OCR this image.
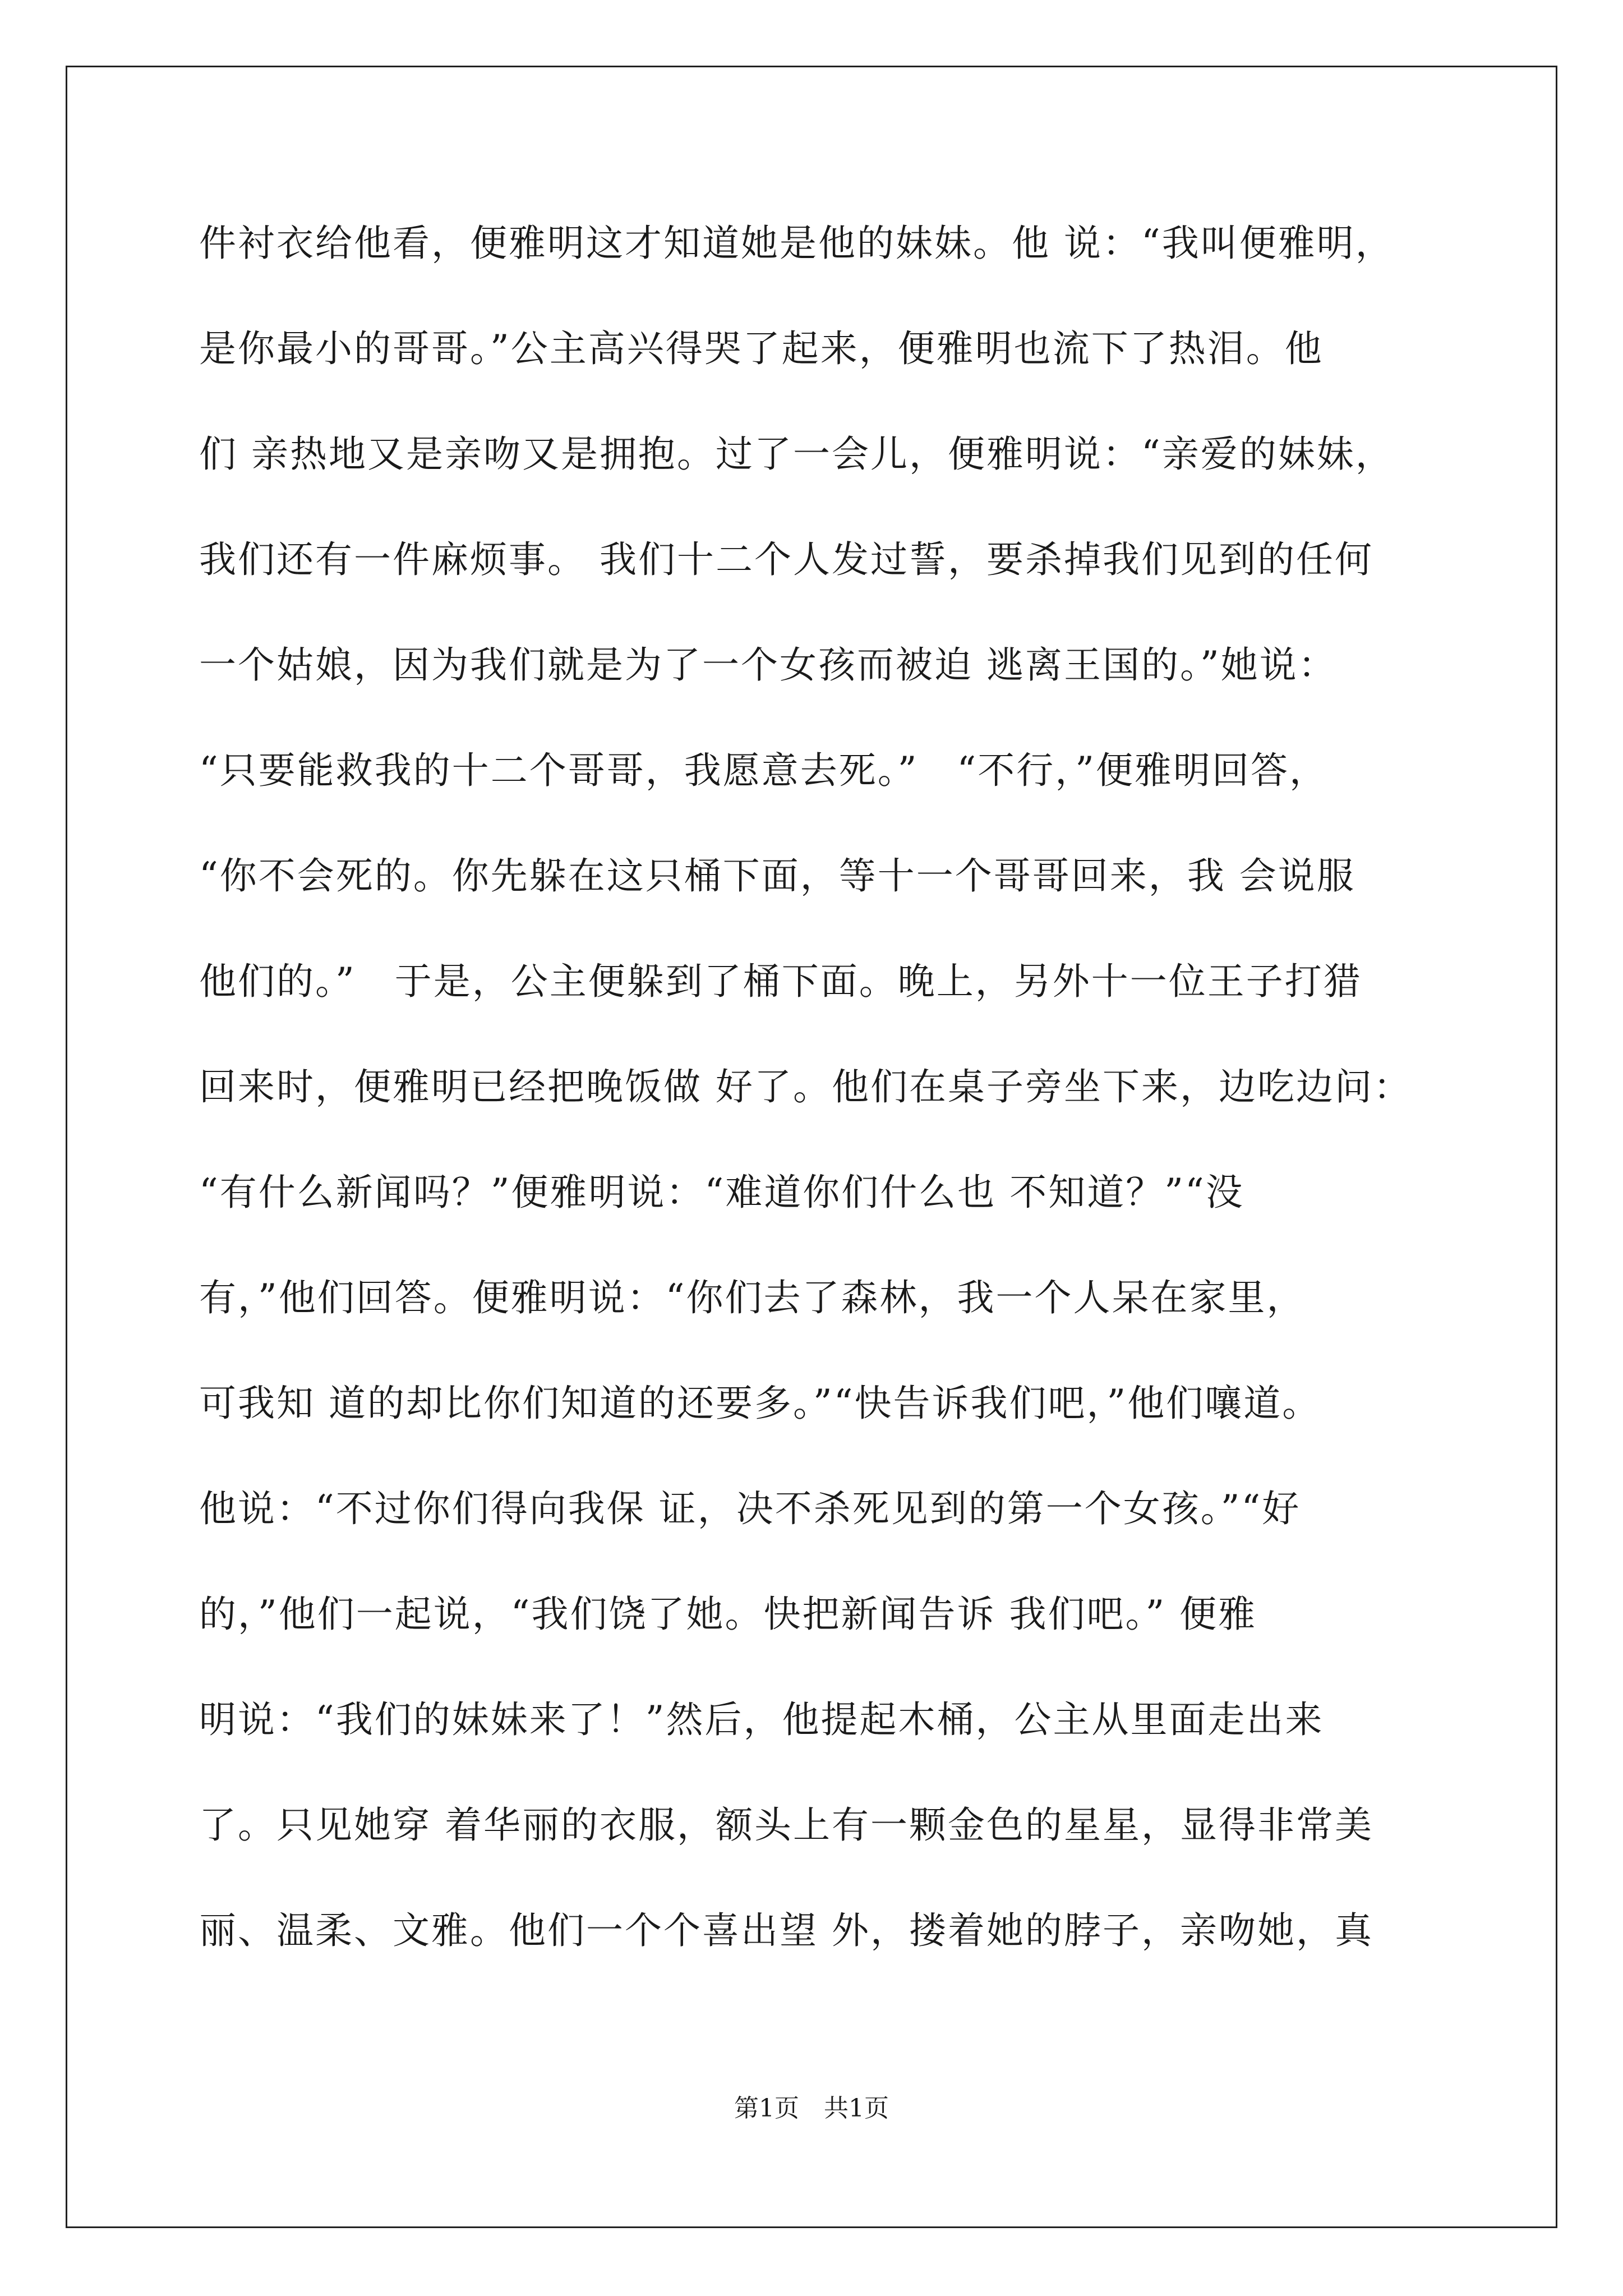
件衬衣给他看，便雅明这才知道她是他的妹妹。他 说：“我叫便雅明，
是你最小的哥哥。”公主高兴得哭了起来，便雅明也流下了热泪。他
们 亲热地又是亲吻又是拥抱。过了一会儿，便雅明说：“亲爱的妹妹，
我们还有一件麻烦事。 我们十二个人发过誓，要杀掉我们见到的任何
一个姑娘，因为我们就是为了一个女孩而被迫 逃离王国的。”她说：
“只要能救我的十二个哥哥，我愿意去死。”　“不行，”便雅明回答，
“你不会死的。你先躲在这只桶下面，等十一个哥哥回来，我 会说服
他们的。”　于是，公主便躲到了桶下面。晚上，另外十一位王子打猎
回来时，便雅明已经把晚饭做 好了。他们在桌子旁坐下来，边吃边问：
“有什么新闻吗？”便雅明说：“难道你们什么也 不知道？”“没
有，”他们回答。便雅明说：“你们去了森林，我一个人呆在家里，
可我知 道的却比你们知道的还要多。”“快告诉我们吧，”他们嚷道。
他说：“不过你们得向我保 证，决不杀死见到的第一个女孩。”“好
的，”他们一起说，“我们饶了她。快把新闻告诉 我们吧。” 便雅
明说：“我们的妹妹来了！”然后，他提起木桶，公主从里面走出来
了。只见她穿 着华丽的衣服，额头上有一颗金色的星星，显得非常美
丽、温柔、文雅。他们一个个喜出望 外，搂着她的脖子，亲吻她，真
第1页　共1页
